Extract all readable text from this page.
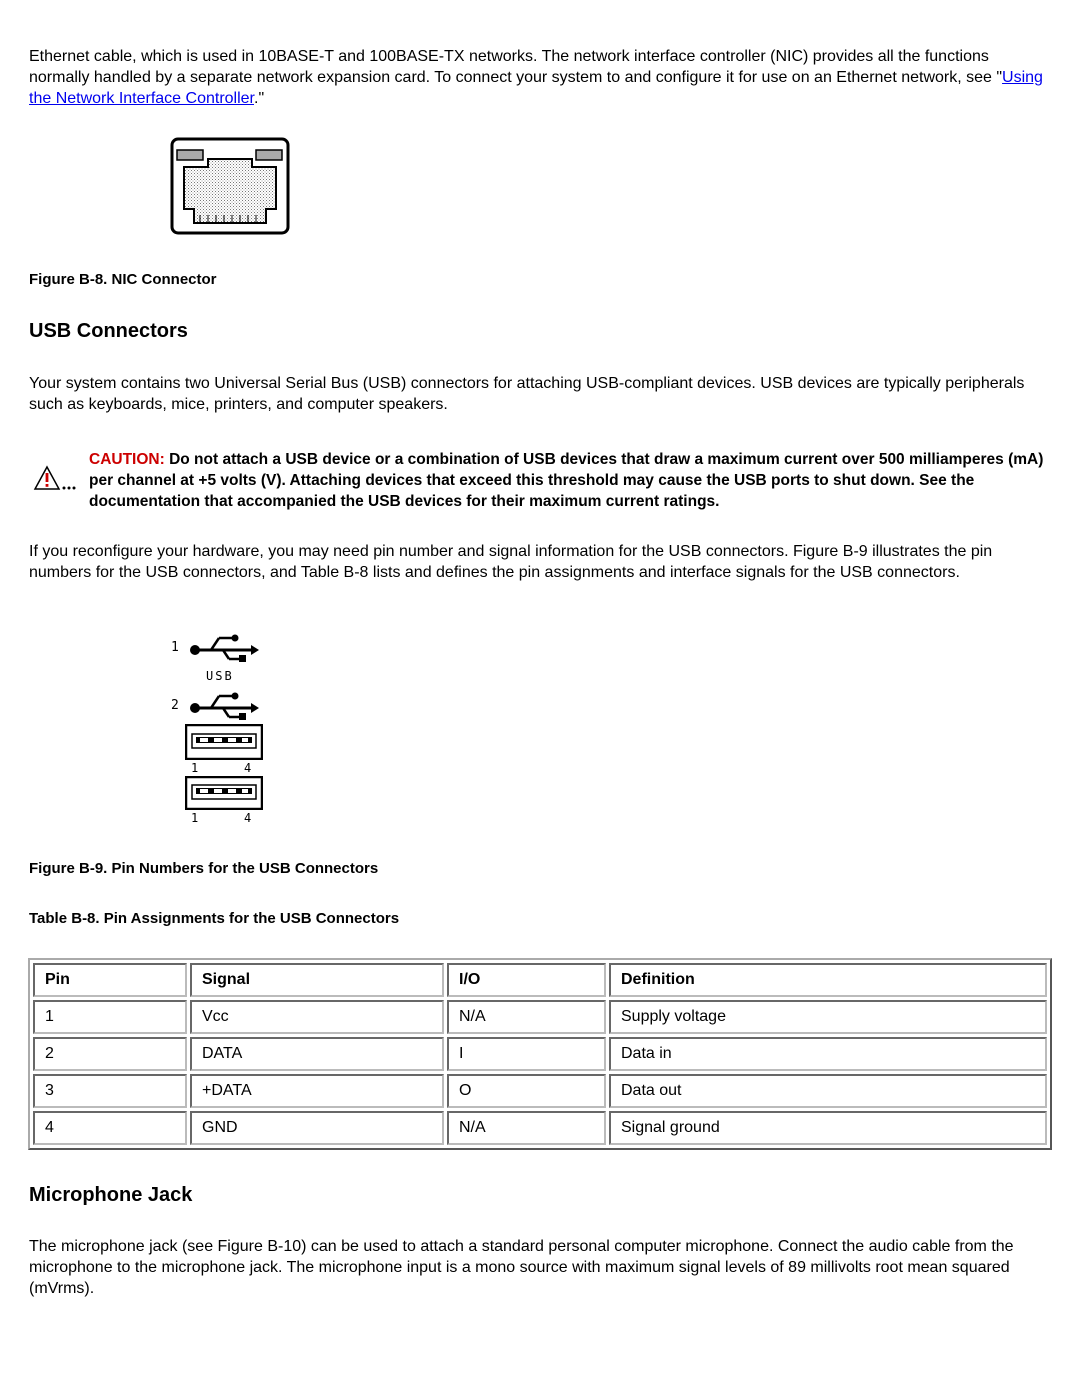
Ethernet cable, which is used in 10BASE-T and 100BASE-TX networks. The network interface controller (NIC) provides all the functions normally handled by a separate network expansion card. To connect your system to and configure it for use on an Ethernet network, see "Using the Network Interface Controller."

Figure B-8. NIC Connector
USB Connectors

Your system contains two Universal Serial Bus (USB) connectors for attaching USB-compliant devices. USB devices are typically peripherals such as keyboards, mice, printers, and computer speakers.

CAUTION: Do not attach a USB device or a combination of USB devices that draw a maximum current over 500 milliamperes (mA) per channel at +5 volts (V). Attaching devices that exceed this threshold may cause the USB ports to shut down. See the documentation that accompanied the USB devices for their maximum current ratings.

If you reconfigure your hardware, you may need pin number and signal information for the USB connectors. Figure B-9 illustrates the pin numbers for the USB connectors, and Table B-8 lists and defines the pin assignments and interface signals for the USB connectors.

1
USB
2
1	4
1	4
Figure B-9. Pin Numbers for the USB Connectors
Table B-8. Pin Assignments for the USB Connectors
Pin	Signal	I/O	Definition
1	Vcc	N/A	Supply voltage
2	DATA	I	Data in
3	+DATA	O	Data out
4	GND	N/A	Signal ground
Microphone Jack

The microphone jack (see Figure B-10) can be used to attach a standard personal computer microphone. Connect the audio cable from the microphone to the microphone jack. The microphone input is a mono source with maximum signal levels of 89 millivolts root mean squared (mVrms).
